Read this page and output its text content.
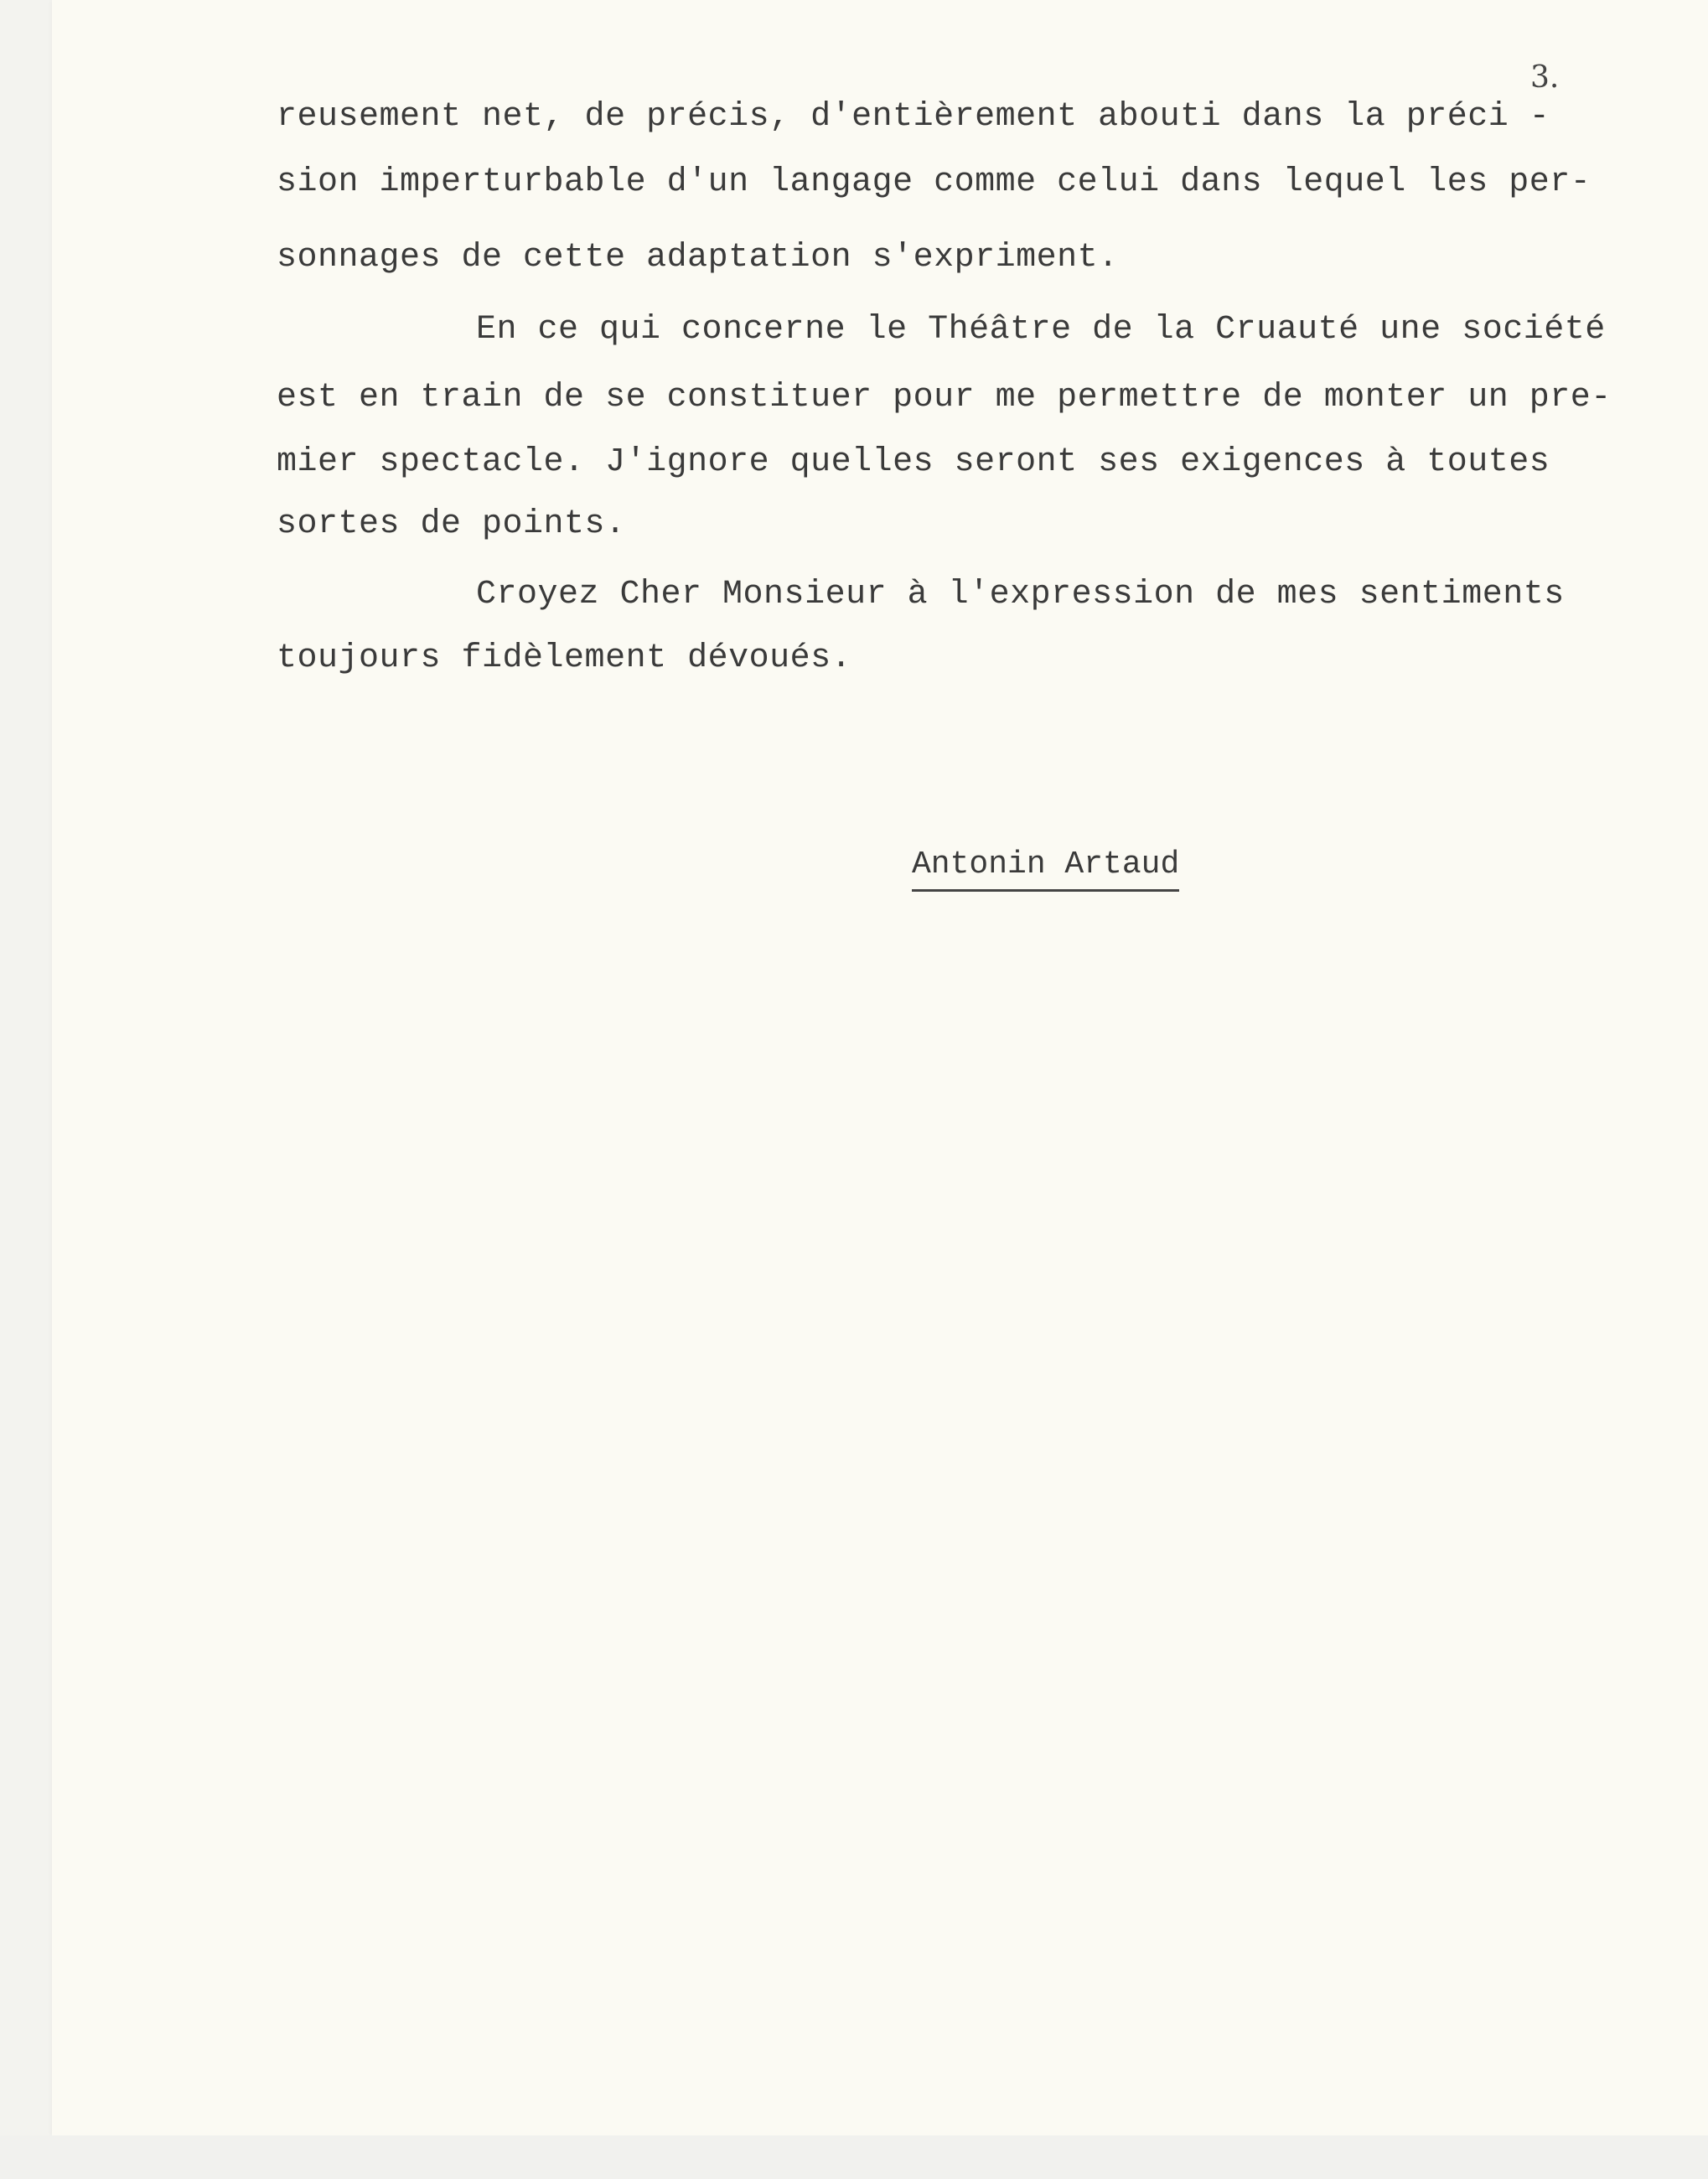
3.
reusement net, de précis, d'entièrement abouti dans la préci -
sion imperturbable d'un langage comme celui dans lequel les per-
sonnages de cette adaptation s'expriment.
En ce qui concerne le Théâtre de la Cruauté une société
est en train de se constituer pour me permettre de monter un pre-
mier spectacle. J'ignore quelles seront ses exigences à toutes
sortes de points.
Croyez Cher Monsieur à l'expression de mes sentiments
toujours fidèlement dévoués.
Antonin Artaud
